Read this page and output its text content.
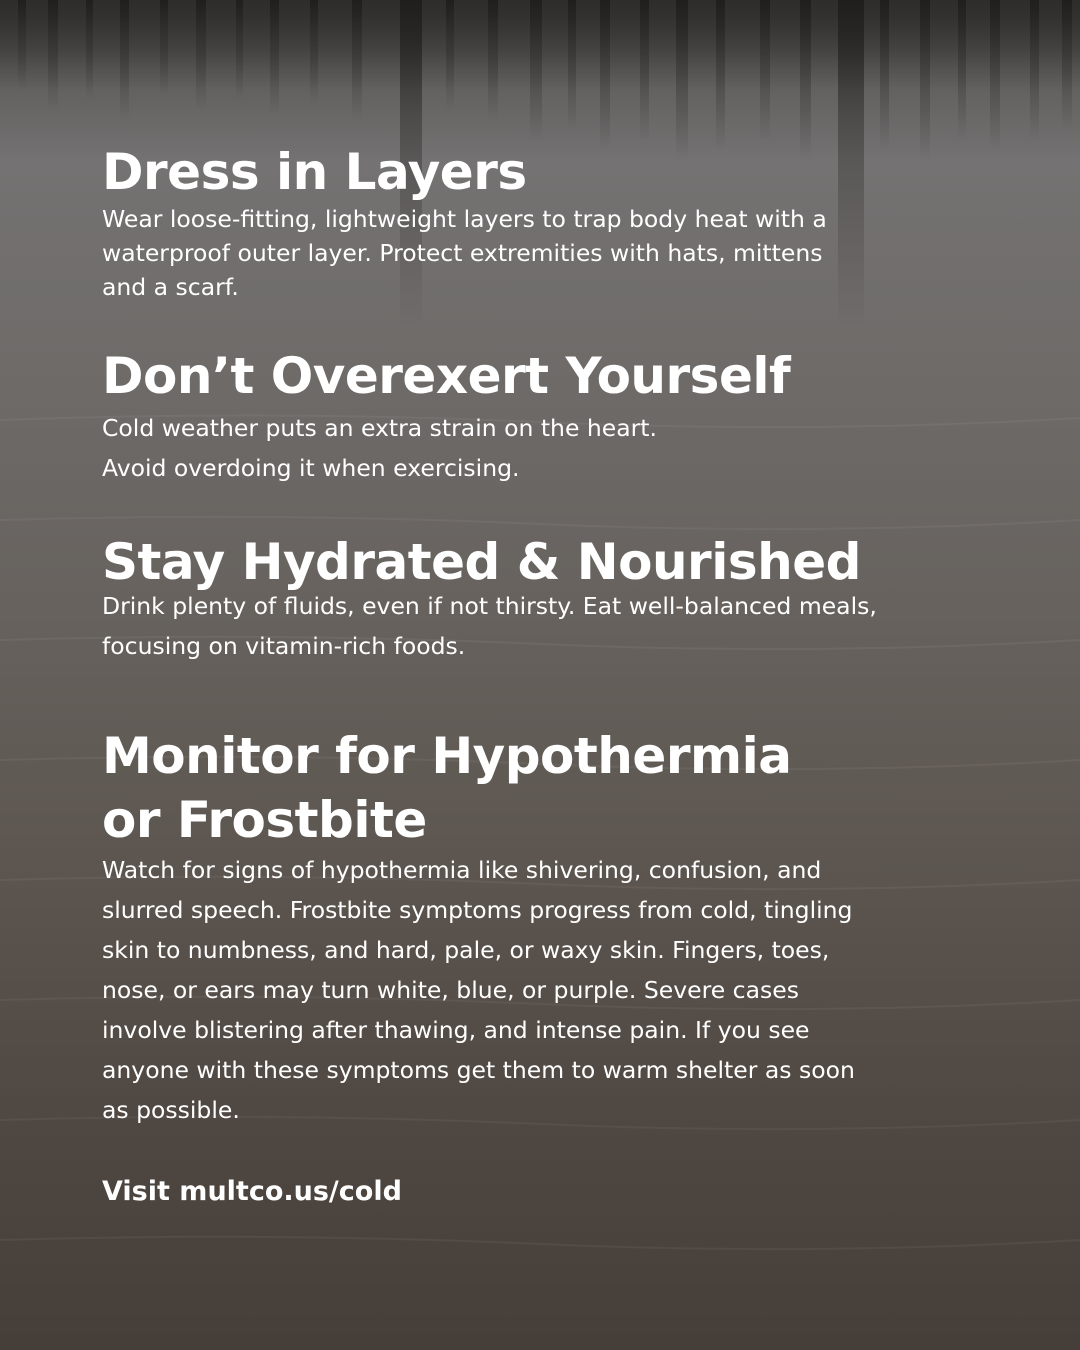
Dress in Layers

Wear loose-fitting, lightweight layers to trap body heat with a
waterproof outer layer. Protect extremities with hats, mittens
and a scarf.

Don’t Overexert Yourself

Cold weather puts an extra strain on the heart.
Avoid overdoing it when exercising.

Stay Hydrated & Nourished

Drink plenty of fluids, even if not thirsty. Eat well-balanced meals,
focusing on vitamin-rich foods.

Monitor for Hypothermia
or Frostbite

Watch for signs of hypothermia like shivering, confusion, and
slurred speech. Frostbite symptoms progress from cold, tingling
skin to numbness, and hard, pale, or waxy skin. Fingers, toes,
nose, or ears may turn white, blue, or purple. Severe cases
involve blistering after thawing, and intense pain. If you see
anyone with these symptoms get them to warm shelter as soon
as possible.

Visit multco.us/cold
